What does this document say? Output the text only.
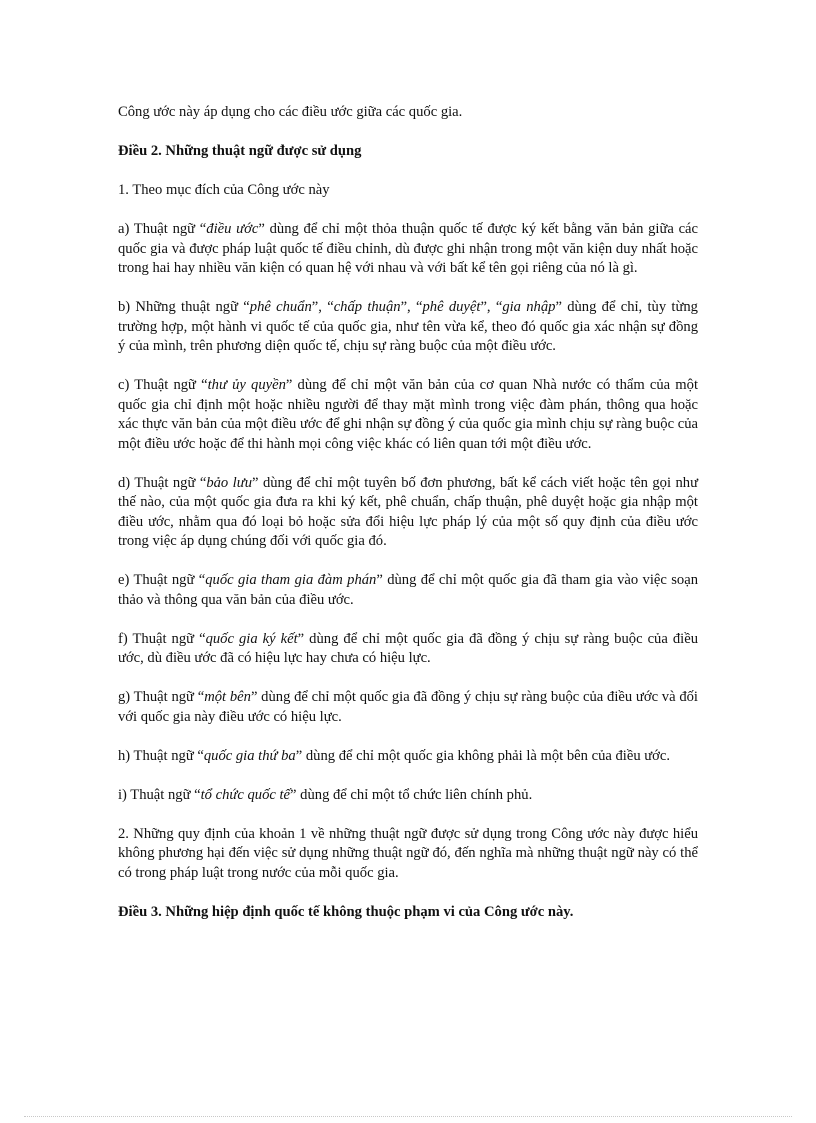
Công ước này áp dụng cho các điều ước giữa các quốc gia.

Điều 2. Những thuật ngữ được sử dụng

1. Theo mục đích của Công ước này

a) Thuật ngữ “điều ước” dùng để chỉ một thỏa thuận quốc tế được ký kết bằng văn bản giữa các quốc gia và được pháp luật quốc tế điều chỉnh, dù được ghi nhận trong một văn kiện duy nhất hoặc trong hai hay nhiều văn kiện có quan hệ với nhau và với bất kể tên gọi riêng của nó là gì.

b) Những thuật ngữ “phê chuẩn”, “chấp thuận”, “phê duyệt”, “gia nhập” dùng để chỉ, tùy từng trường hợp, một hành vi quốc tế của quốc gia, như tên vừa kể, theo đó quốc gia xác nhận sự đồng ý của mình, trên phương diện quốc tế, chịu sự ràng buộc của một điều ước.

c) Thuật ngữ “thư ủy quyền” dùng để chỉ một văn bản của cơ quan Nhà nước có thẩm của một quốc gia chỉ định một hoặc nhiều người để thay mặt mình trong việc đàm phán, thông qua hoặc xác thực văn bản của một điều ước để ghi nhận sự đồng ý của quốc gia mình chịu sự ràng buộc của một điều ước hoặc để thi hành mọi công việc khác có liên quan tới một điều ước.

d) Thuật ngữ “bảo lưu” dùng để chỉ một tuyên bố đơn phương, bất kể cách viết hoặc tên gọi như thế nào, của một quốc gia đưa ra khi ký kết, phê chuẩn, chấp thuận, phê duyệt hoặc gia nhập một điều ước, nhằm qua đó loại bỏ hoặc sửa đổi hiệu lực pháp lý của một số quy định của điều ước trong việc áp dụng chúng đối với quốc gia đó.

e) Thuật ngữ “quốc gia tham gia đàm phán” dùng để chỉ một quốc gia đã tham gia vào việc soạn thảo và thông qua văn bản của điều ước.

f) Thuật ngữ “quốc gia ký kết” dùng để chỉ một quốc gia đã đồng ý chịu sự ràng buộc của điều ước, dù điều ước đã có hiệu lực hay chưa có hiệu lực.

g) Thuật ngữ “một bên” dùng để chỉ một quốc gia đã đồng ý chịu sự ràng buộc của điều ước và đối với quốc gia này điều ước có hiệu lực.

h) Thuật ngữ “quốc gia thứ ba” dùng để chỉ một quốc gia không phải là một bên của điều ước.

i) Thuật ngữ “tổ chức quốc tế” dùng để chỉ một tổ chức liên chính phủ.

2. Những quy định của khoản 1 về những thuật ngữ được sử dụng trong Công ước này được hiểu không phương hại đến việc sử dụng những thuật ngữ đó, đến nghĩa mà những thuật ngữ này có thể có trong pháp luật trong nước của mỗi quốc gia.

Điều 3. Những hiệp định quốc tế không thuộc phạm vi của Công ước này.
